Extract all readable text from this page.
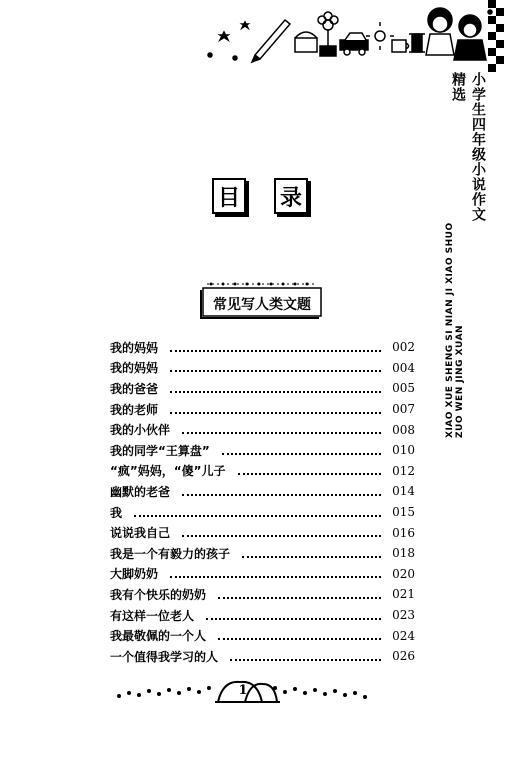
小学生四年级小说作文精选
XIAO XUE SHENG SI NIAN JI XIAO SHUO ZUO WEN JING XUAN
目 录
常见写人类文题
我的妈妈	002
我的妈妈	004
我的爸爸	005
我的老师	007
我的小伙伴	008
我的同学“王算盘”	010
“疯”妈妈，“傻”儿子	012
幽默的老爸	014
我	015
说说我自己	016
我是一个有毅力的孩子	018
大脚奶奶	020
我有个快乐的奶奶	021
有这样一位老人	023
我最敬佩的一个人	024
一个值得我学习的人	026
1
